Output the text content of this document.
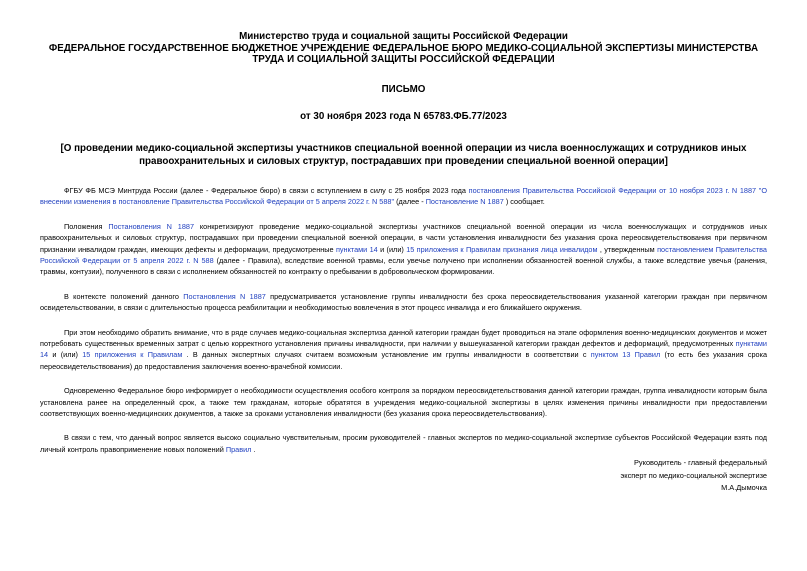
Министерство труда и социальной защиты Российской Федерации
ФЕДЕРАЛЬНОЕ ГОСУДАРСТВЕННОЕ БЮДЖЕТНОЕ УЧРЕЖДЕНИЕ ФЕДЕРАЛЬНОЕ БЮРО МЕДИКО-СОЦИАЛЬНОЙ ЭКСПЕРТИЗЫ МИНИСТЕРСТВА ТРУДА И СОЦИАЛЬНОЙ ЗАЩИТЫ РОССИЙСКОЙ ФЕДЕРАЦИИ
ПИСЬМО
от 30 ноября 2023 года N 65783.ФБ.77/2023
[О проведении медико-социальной экспертизы участников специальной военной операции из числа военнослужащих и сотрудников иных правоохранительных и силовых структур, пострадавших при проведении специальной военной операции]

ФГБУ ФБ МСЭ Минтруда России (далее - Федеральное бюро) в связи с вступлением в силу с 25 ноября 2023 года постановления Правительства Российской Федерации от 10 ноября 2023 г. N 1887 "О внесении изменения в постановление Правительства Российской Федерации от 5 апреля 2022 г. N 588" (далее - Постановление N 1887 ) сообщает.

Положения Постановления N 1887 конкретизируют проведение медико-социальной экспертизы участников специальной военной операции из числа военнослужащих и сотрудников иных правоохранительных и силовых структур, пострадавших при проведении специальной военной операции, в части установления инвалидности без указания срока переосвидетельствования при первичном признании инвалидом граждан, имеющих дефекты и деформации, предусмотренные пунктами 14 и (или) 15 приложения к Правилам признания лица инвалидом , утвержденным постановлением Правительства Российской Федерации от 5 апреля 2022 г. N 588 (далее - Правила), вследствие военной травмы, если увечье получено при исполнении обязанностей военной службы, а также вследствие увечья (ранения, травмы, контузии), полученного в связи с исполнением обязанностей по контракту о пребывании в добровольческом формировании.

В контексте положений данного Постановления N 1887 предусматривается установление группы инвалидности без срока переосвидетельствования указанной категории граждан при первичном освидетельствовании, в связи с длительностью процесса реабилитации и необходимостью вовлечения в этот процесс инвалида и его ближайшего окружения.

При этом необходимо обратить внимание, что в ряде случаев медико-социальная экспертиза данной категории граждан будет проводиться на этапе оформления военно-медицинских документов и может потребовать существенных временных затрат с целью корректного установления причины инвалидности, при наличии у вышеуказанной категории граждан дефектов и деформаций, предусмотренных пунктами 14 и (или) 15 приложения к Правилам . В данных экспертных случаях считаем возможным установление им группы инвалидности в соответствии с пунктом 13 Правил (то есть без указания срока переосвидетельствования) до предоставления заключения военно-врачебной комиссии.

Одновременно Федеральное бюро информирует о необходимости осуществления особого контроля за порядком переосвидетельствования данной категории граждан, группа инвалидности которым была установлена ранее на определенный срок, а также тем гражданам, которые обратятся в учреждения медико-социальной экспертизы в целях изменения причины инвалидности при предоставлении соответствующих военно-медицинских документов, а также за сроками установления инвалидности (без указания срока переосвидетельствования).

В связи с тем, что данный вопрос является высоко социально чувствительным, просим руководителей - главных экспертов по медико-социальной экспертизе субъектов Российской Федерации взять под личный контроль правоприменение новых положений Правил .

Руководитель - главный федеральный
эксперт по медико-социальной экспертизе
М.А.Дымочка
